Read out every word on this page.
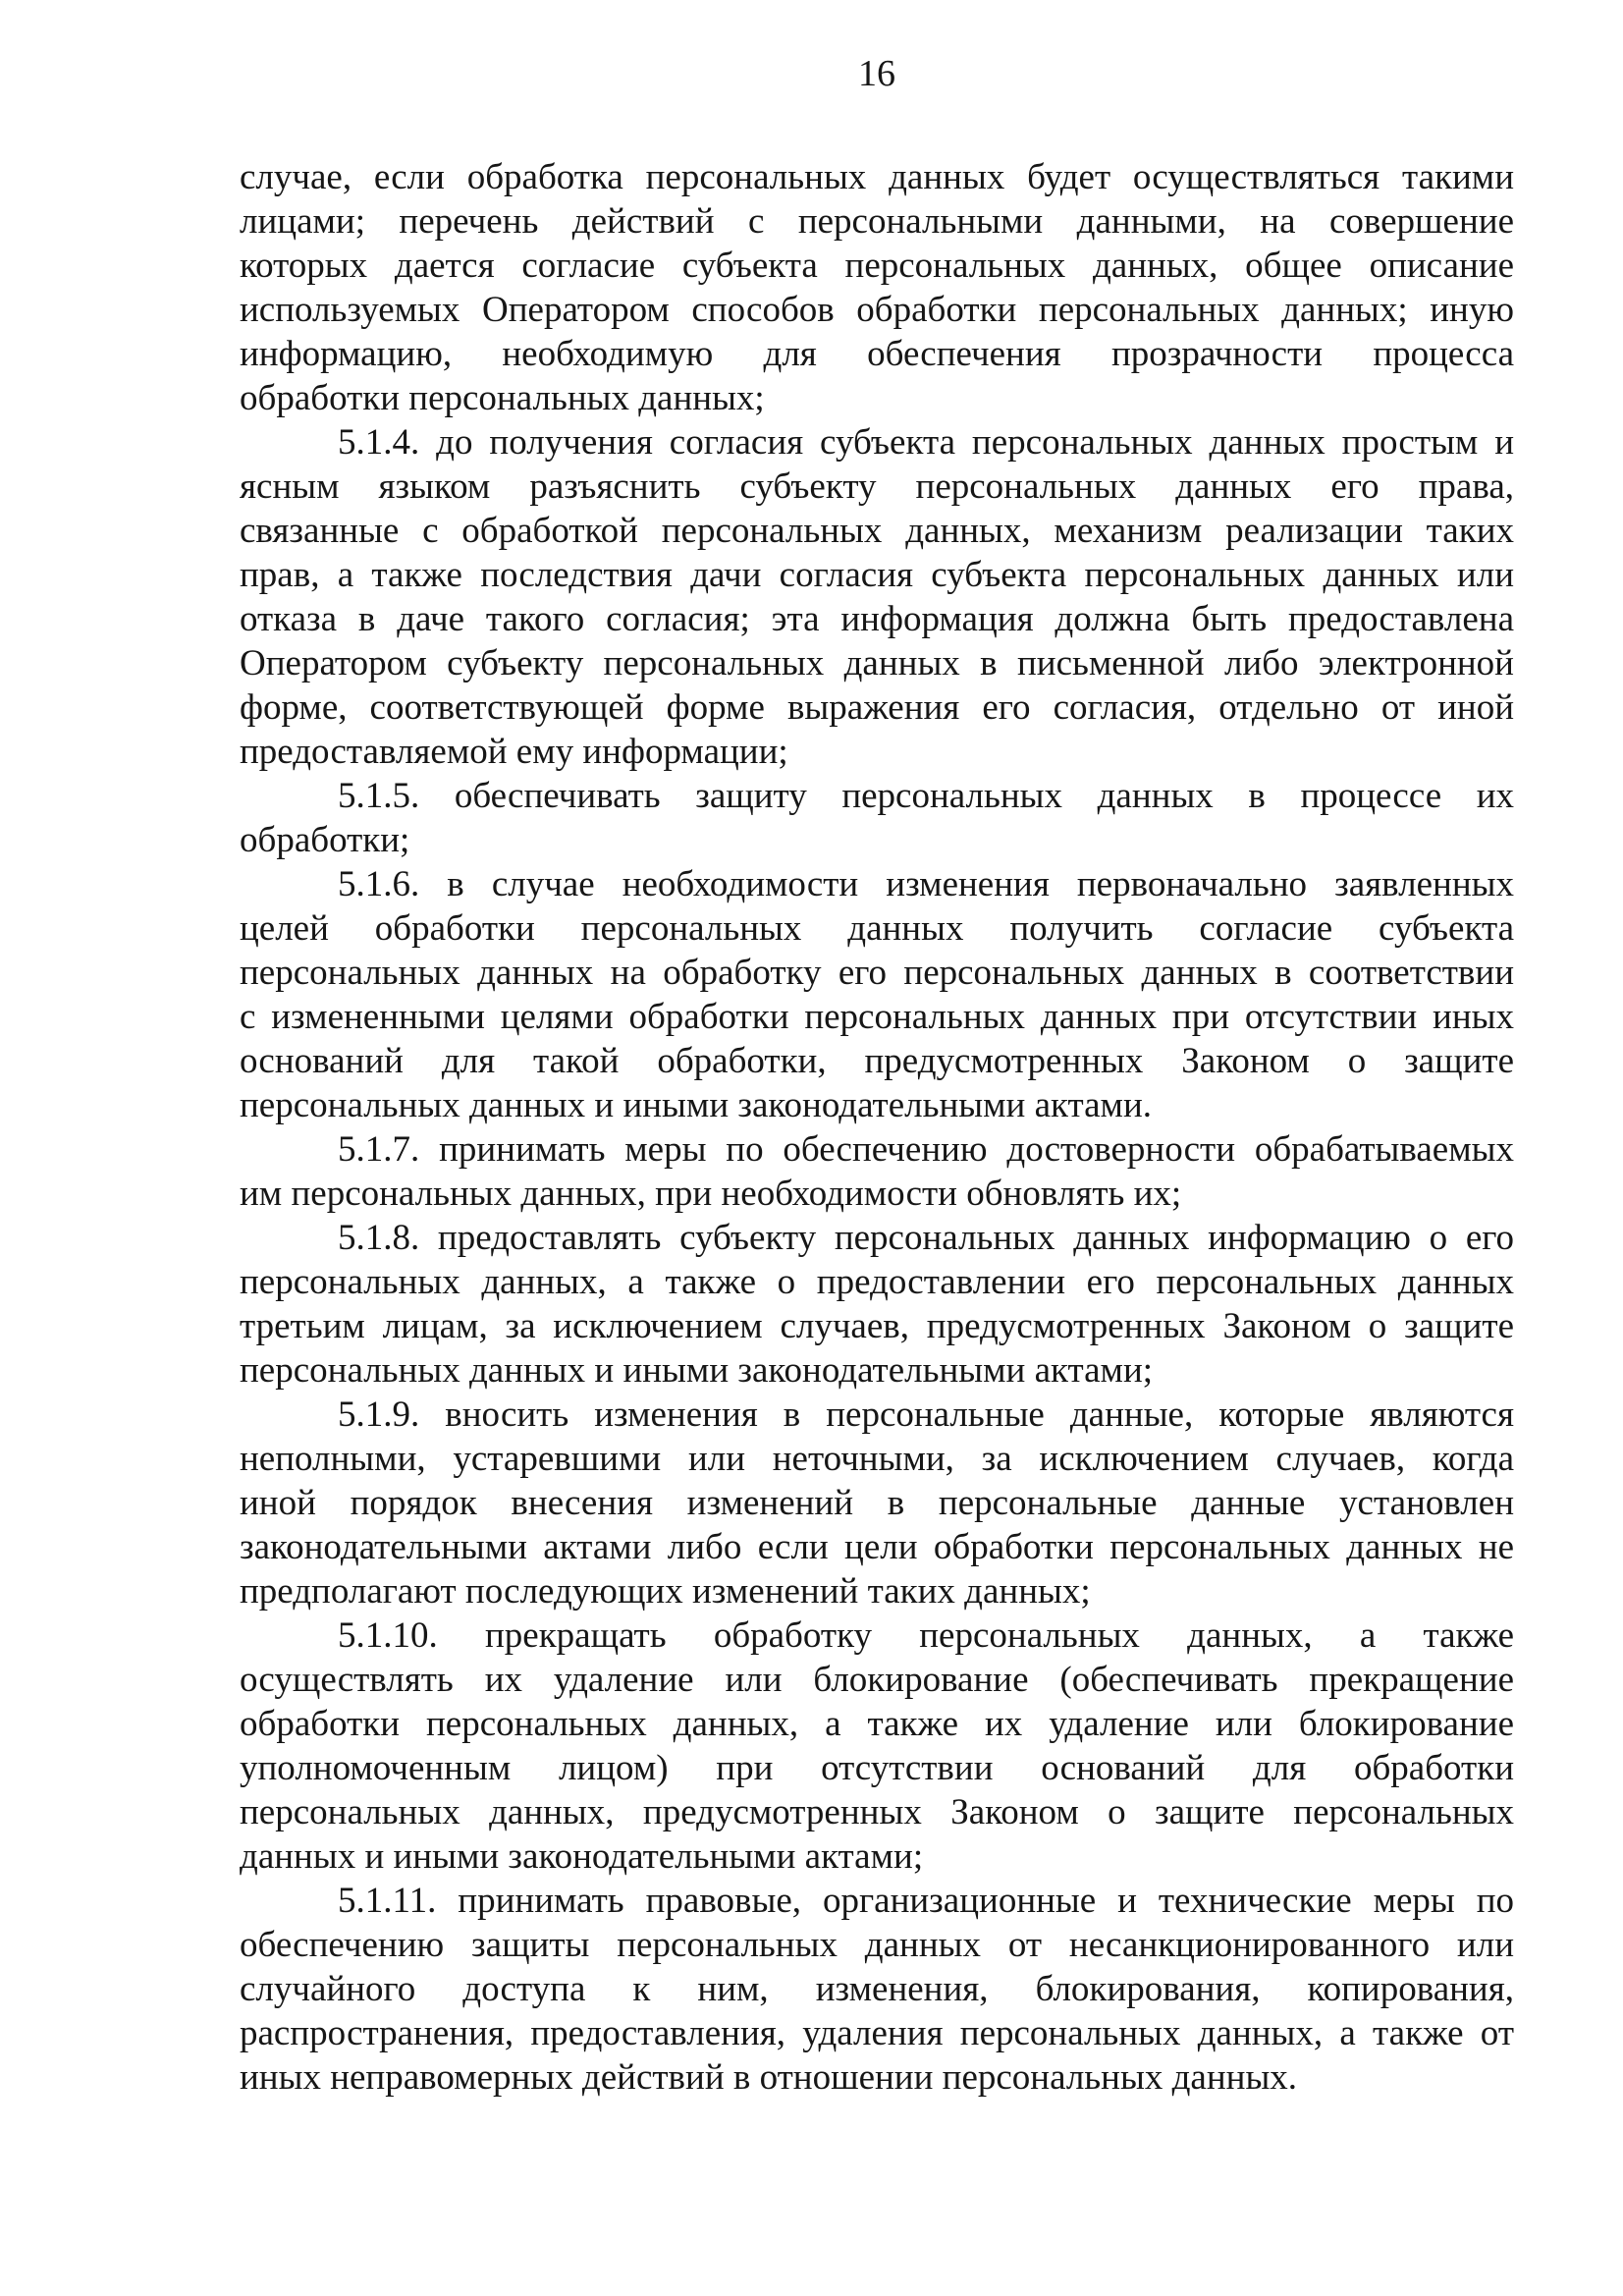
16
случае, если обработка персональных данных будет осуществляться такими
лицами; перечень действий с персональными данными, на совершение
которых дается согласие субъекта персональных данных, общее описание
используемых Оператором способов обработки персональных данных; иную
информацию, необходимую для обеспечения прозрачности процесса
обработки персональных данных;
5.1.4. до получения согласия субъекта персональных данных простым и
ясным языком разъяснить субъекту персональных данных его права,
связанные с обработкой персональных данных, механизм реализации таких
прав, а также последствия дачи согласия субъекта персональных данных или
отказа в даче такого согласия; эта информация должна быть предоставлена
Оператором субъекту персональных данных в письменной либо электронной
форме, соответствующей форме выражения его согласия, отдельно от иной
предоставляемой ему информации;
5.1.5. обеспечивать защиту персональных данных в процессе их
обработки;
5.1.6. в случае необходимости изменения первоначально заявленных
целей обработки персональных данных получить согласие субъекта
персональных данных на обработку его персональных данных в соответствии
с измененными целями обработки персональных данных при отсутствии иных
оснований для такой обработки, предусмотренных Законом о защите
персональных данных и иными законодательными актами.
5.1.7. принимать меры по обеспечению достоверности обрабатываемых
им персональных данных, при необходимости обновлять их;
5.1.8. предоставлять субъекту персональных данных информацию о его
персональных данных, а также о предоставлении его персональных данных
третьим лицам, за исключением случаев, предусмотренных Законом о защите
персональных данных и иными законодательными актами;
5.1.9. вносить изменения в персональные данные, которые являются
неполными, устаревшими или неточными, за исключением случаев, когда
иной порядок внесения изменений в персональные данные установлен
законодательными актами либо если цели обработки персональных данных не
предполагают последующих изменений таких данных;
5.1.10. прекращать обработку персональных данных, а также
осуществлять их удаление или блокирование (обеспечивать прекращение
обработки персональных данных, а также их удаление или блокирование
уполномоченным лицом) при отсутствии оснований для обработки
персональных данных, предусмотренных Законом о защите персональных
данных и иными законодательными актами;
5.1.11. принимать правовые, организационные и технические меры по
обеспечению защиты персональных данных от несанкционированного или
случайного доступа к ним, изменения, блокирования, копирования,
распространения, предоставления, удаления персональных данных, а также от
иных неправомерных действий в отношении персональных данных.
